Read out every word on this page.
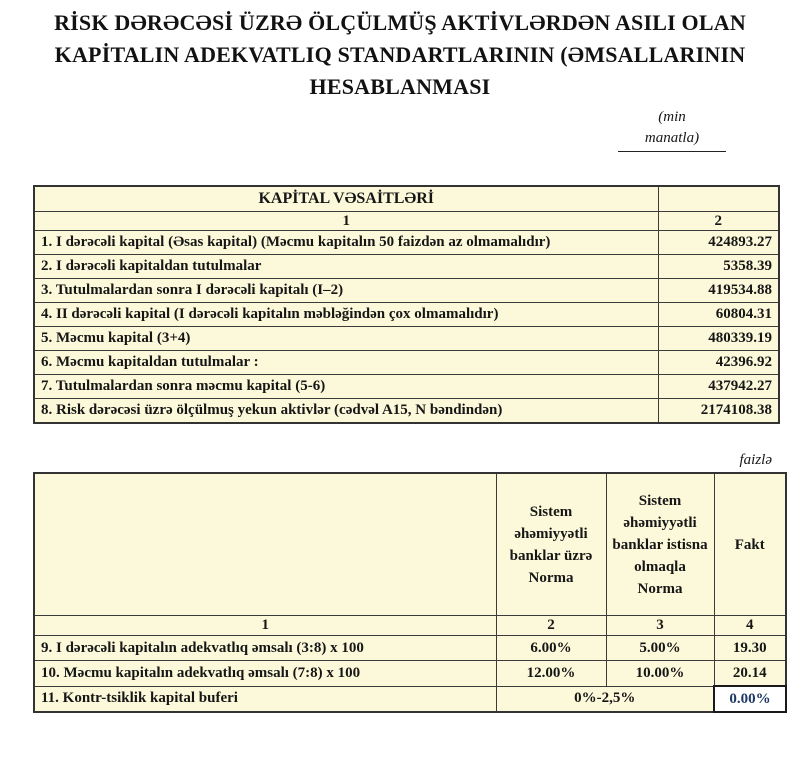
RİSK DƏRƏCƏSİ ÜZRƏ ÖLÇÜLMÜŞ AKTİVLƏRDƏN ASILI OLAN
KAPİTALIN ADEKVATLIQ STANDARTLARININ (ƏMSALLARININ
HESABLANMASI
(min
manatla)
KAPİTAL VƏSAİTLƏRİ	
1	2
1. I dərəcəli kapital (Əsas kapital) (Məcmu kapitalın 50 faizdən az olmamalıdır)	424893.27
2. I dərəcəli kapitaldan tutulmalar	5358.39
3. Tutulmalardan sonra I dərəcəli kapitalı (I–2)	419534.88
4. II dərəcəli kapital (I dərəcəli kapitalın məbləğindən çox olmamalıdır)	60804.31
5. Məcmu kapital (3+4)	480339.19
6. Məcmu kapitaldan tutulmalar :	42396.92
7. Tutulmalardan sonra məcmu kapital (5-6)	437942.27
8. Risk dərəcəsi üzrə ölçülmuş yekun aktivlər (cədvəl A15, N bəndindən)	2174108.38
faizlə
	Sistem əhəmiyyətli banklar üzrə Norma	Sistem əhəmiyyətli banklar istisna olmaqla Norma	Fakt
1	2	3	4
9. I dərəcəli kapitalın adekvatlıq əmsalı (3:8) x 100	6.00%	5.00%	19.30
10. Məcmu kapitalın adekvatlıq əmsalı (7:8) x 100	12.00%	10.00%	20.14
11. Kontr-tsiklik kapital buferi	0%-2,5%		0.00%
